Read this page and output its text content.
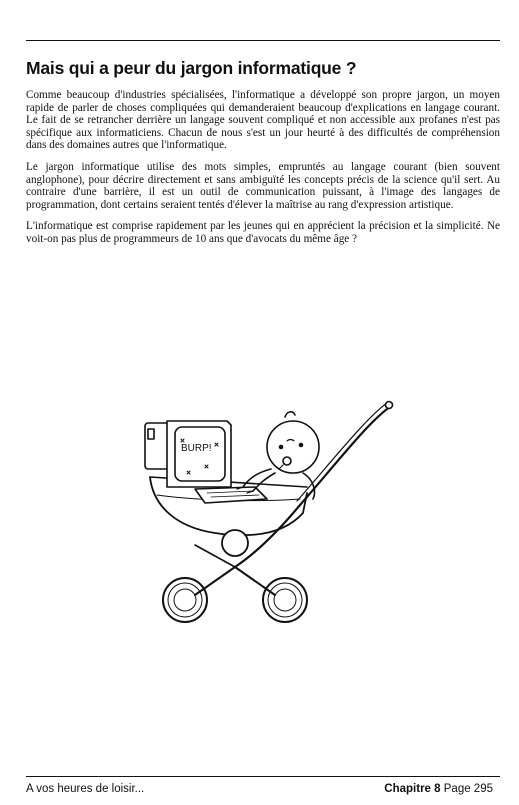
Mais qui a peur du jargon informatique ?

Comme beaucoup d'industries spécialisées, l'informatique a développé son propre jargon, un moyen rapide de parler de choses compliquées qui demanderaient beaucoup d'explications en langage courant. Le fait de se retrancher derrière un langage souvent compliqué et non accessible aux profanes n'est pas spécifique aux informaticiens. Chacun de nous s'est un jour heurté à des difficultés de compréhension dans des domaines autres que l'informatique.

Le jargon informatique utilise des mots simples, empruntés au langage courant (bien souvent anglophone), pour décrire directement et sans ambiguïté les concepts précis de la science qu'il sert. Au contraire d'une barrière, il est un outil de communication puissant, à l'image des langages de programmation, dont certains seraient tentés d'élever la maîtrise au rang d'expression artistique.

L'informatique est comprise rapidement par les jeunes qui en apprécient la précision et la simplicité. Ne voit-on pas plus de programmeurs de 10 ans que d'avocats du même âge ?

BURP!
A vos heures de loisir...	Chapitre 8 Page 295
